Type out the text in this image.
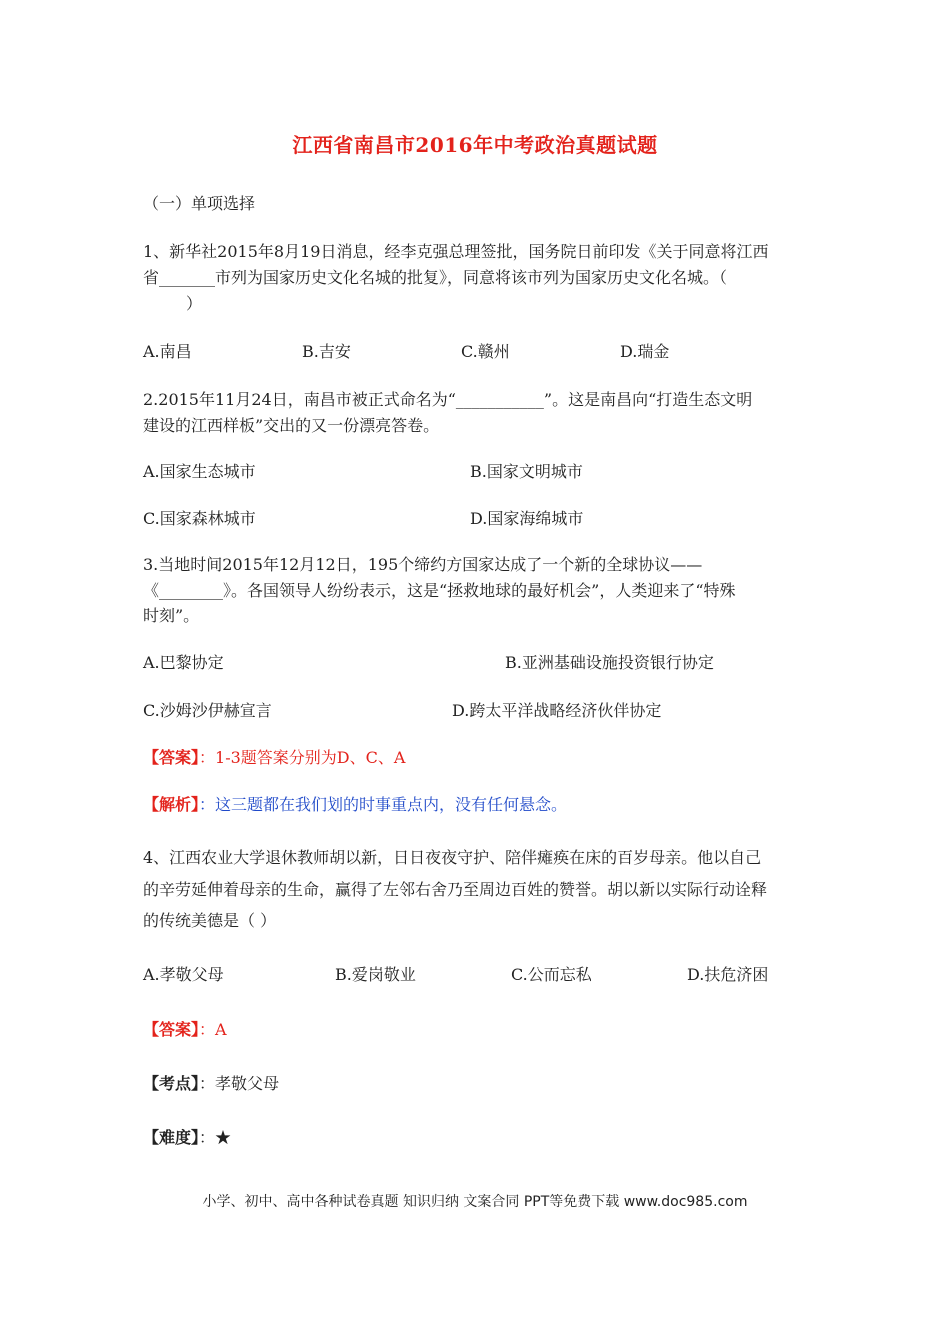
江西省南昌市2016年中考政治真题试题
（一）单项选择
1、新华社2015年8月19日消息，经李克强总理签批，国务院日前印发《关于同意将江西
省_______市列为国家历史文化名城的批复》，同意将该市列为国家历史文化名城。（
）
A.南昌	B.吉安	C.赣州	D.瑞金
2.2015年11月24日，南昌市被正式命名为“___________”。这是南昌向“打造生态文明
建设的江西样板”交出的又一份漂亮答卷。
A.国家生态城市	B.国家文明城市
C.国家森林城市	D.国家海绵城市
3.当地时间2015年12月12日，195个缔约方国家达成了一个新的全球协议——
《________》。各国领导人纷纷表示，这是“拯救地球的最好机会”，人类迎来了“特殊
时刻”。
A.巴黎协定	B.亚洲基础设施投资银行协定
C.沙姆沙伊赫宣言	D.跨太平洋战略经济伙伴协定
【答案】：1-3题答案分别为D、C、A
【解析】：这三题都在我们划的时事重点内，没有任何悬念。
4、江西农业大学退休教师胡以新，日日夜夜守护、陪伴瘫痪在床的百岁母亲。他以自己
的辛劳延伸着母亲的生命，赢得了左邻右舍乃至周边百姓的赞誉。胡以新以实际行动诠释
的传统美德是（ ）
A.孝敬父母	B.爱岗敬业	C.公而忘私	D.扶危济困
【答案】：A
【考点】：孝敬父母
【难度】：★
小学、初中、高中各种试卷真题 知识归纳 文案合同 PPT等免费下载 www.doc985.com
